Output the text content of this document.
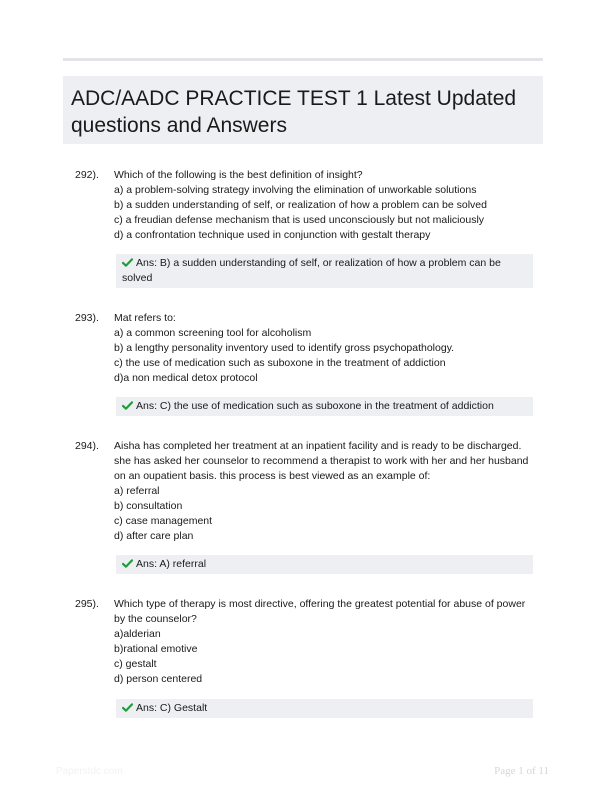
ADC/AADC PRACTICE TEST 1 Latest Updated questions and Answers
292). Which of the following is the best definition of insight?

a) a problem-solving strategy involving the elimination of unworkable solutions

b) a sudden understanding of self, or realization of how a problem can be solved

c) a freudian defense mechanism that is used unconsciously but not maliciously

d) a confrontation technique used in conjunction with gestalt therapy

Ans: B) a sudden understanding of self, or realization of how a problem can be solved
293). Mat refers to:

a) a common screening tool for alcoholism

b) a lengthy personality inventory used to identify gross psychopathology.

c) the use of medication such as suboxone in the treatment of addiction

d)a non medical detox protocol

Ans: C) the use of medication such as suboxone in the treatment of addiction
294). Aisha has completed her treatment at an inpatient facility and is ready to be discharged. she has asked her counselor to recommend a therapist to work with her and her husband on an oupatient basis. this process is best viewed as an example of:

a) referral

b) consultation

c) case management

d) after care plan

Ans: A) referral
295). Which type of therapy is most directive, offering the greatest potential for abuse of power by the counselor?

a)alderian

b)rational emotive

c) gestalt

d) person centered

Ans: C) Gestalt
Paperstdc.com	Page 1 of 11
